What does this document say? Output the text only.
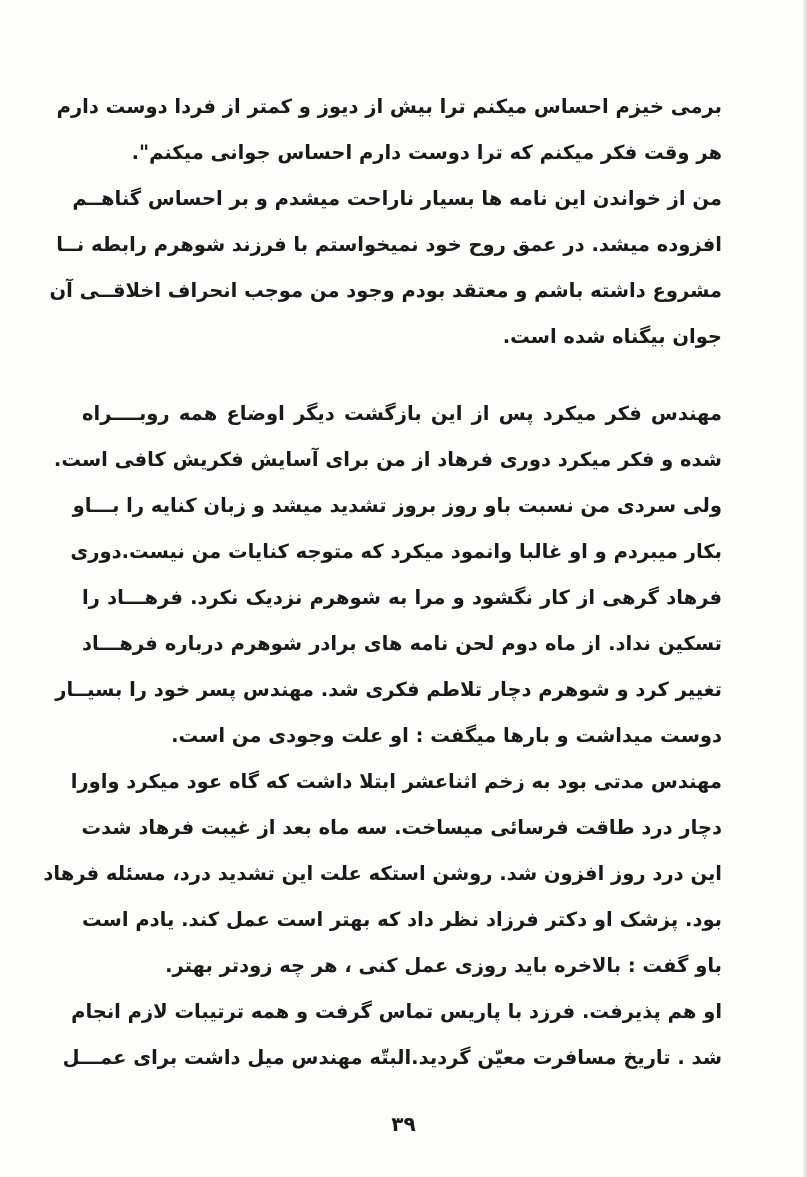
برمی خیزم احساس میکنم ترا بیش از دیوز و کمتر از فردا دوست دارم
هر وقت فکر میکنم که ترا دوست دارم احساس جوانی میکنم".
من از خواندن این نامه ها بسیار ناراحت میشدم و بر احساس گناهــم
افزوده میشد. در عمق روح خود نمیخواستم با فرزند شوهرم رابطه نــا
مشروع داشته باشم و معتقد بودم وجود من موجب انحراف اخلاقــی آن
جوان بیگناه شده است.
مهندس فکر میکرد پس از این بازگشت دیگر اوضاع همه روبــــراه
شده و فکر میکرد دوری فرهاد از من برای آسایش فکریش کافی است.
ولی سردی من نسبت باو روز بروز تشدید میشد و زبان کنایه را بـــاو
بکار میبردم و او غالبا وانمود میکرد که متوجه کنایات من نیست.دوری
فرهاد گرهی از کار نگشود و مرا به شوهرم نزدیک نکرد. فرهـــاد را
تسکین نداد. از ماه دوم لحن نامه های برادر شوهرم درباره فرهـــاد
تغییر کرد و شوهرم دچار تلاطم فکری شد. مهندس پسر خود را بسیــار
دوست میداشت و بارها میگفت : او علت وجودی من است.
مهندس مدتی بود به زخم اثناعشر ابتلا داشت که گاه عود میکرد واورا
دچار درد طاقت فرسائی میساخت. سه ماه بعد از غیبت فرهاد شدت
این درد روز افزون شد. روشن استکه علت این تشدید درد، مسئله فرهاد
بود. پزشک او دکتر فرزاد نظر داد که بهتر است عمل کند. یادم است
باو گفت : بالاخره باید روزی عمل کنی ، هر چه زودتر بهتر.
او هم پذیرفت. فرزد با پاریس تماس گرفت و همه ترتیبات لازم انجام
شد . تاریخ مسافرت معیّن گردید.البتّه مهندس میل داشت برای عمـــل
۳۹
